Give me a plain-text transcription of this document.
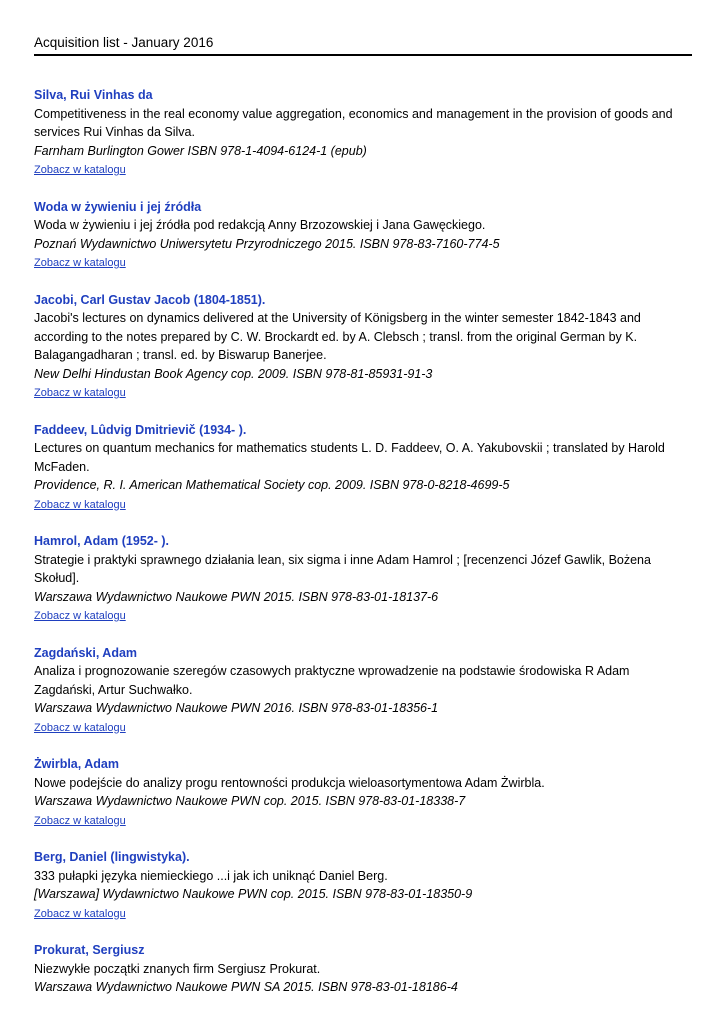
Acquisition list - January 2016
Silva, Rui Vinhas da
Competitiveness in the real economy value aggregation, economics and management in the provision of goods and services Rui Vinhas da Silva.
Farnham Burlington Gower ISBN 978-1-4094-6124-1 (epub)
Zobacz w katalogu
Woda w żywieniu i jej źródła
Woda w żywieniu i jej źródła pod redakcją Anny Brzozowskiej i Jana Gawęckiego.
Poznań Wydawnictwo Uniwersytetu Przyrodniczego 2015. ISBN 978-83-7160-774-5
Zobacz w katalogu
Jacobi, Carl Gustav Jacob (1804-1851).
Jacobi's lectures on dynamics delivered at the University of Königsberg in the winter semester 1842-1843 and according to the notes prepared by C. W. Brockardt ed. by A. Clebsch ; transl. from the original German by K. Balagangadharan ; transl. ed. by Biswarup Banerjee.
New Delhi Hindustan Book Agency cop. 2009. ISBN 978-81-85931-91-3
Zobacz w katalogu
Faddeev, Lûdvig Dmitrievič (1934- ).
Lectures on quantum mechanics for mathematics students L. D. Faddeev, O. A. Yakubovskii ; translated by Harold McFaden.
Providence, R. I. American Mathematical Society cop. 2009. ISBN 978-0-8218-4699-5
Zobacz w katalogu
Hamrol, Adam (1952- ).
Strategie i praktyki sprawnego działania lean, six sigma i inne Adam Hamrol ; [recenzenci Józef Gawlik, Bożena Skołud].
Warszawa Wydawnictwo Naukowe PWN 2015. ISBN 978-83-01-18137-6
Zobacz w katalogu
Zagdański, Adam
Analiza i prognozowanie szeregów czasowych praktyczne wprowadzenie na podstawie środowiska R Adam Zagdański, Artur Suchwałko.
Warszawa Wydawnictwo Naukowe PWN 2016. ISBN 978-83-01-18356-1
Zobacz w katalogu
Żwirbla, Adam
Nowe podejście do analizy progu rentowności produkcja wieloasortymentowa Adam Żwirbla.
Warszawa Wydawnictwo Naukowe PWN cop. 2015. ISBN 978-83-01-18338-7
Zobacz w katalogu
Berg, Daniel (lingwistyka).
333 pułapki języka niemieckiego ...i jak ich uniknąć Daniel Berg.
[Warszawa] Wydawnictwo Naukowe PWN cop. 2015. ISBN 978-83-01-18350-9
Zobacz w katalogu
Prokurat, Sergiusz
Niezwykłe początki znanych firm Sergiusz Prokurat.
Warszawa Wydawnictwo Naukowe PWN SA 2015. ISBN 978-83-01-18186-4
